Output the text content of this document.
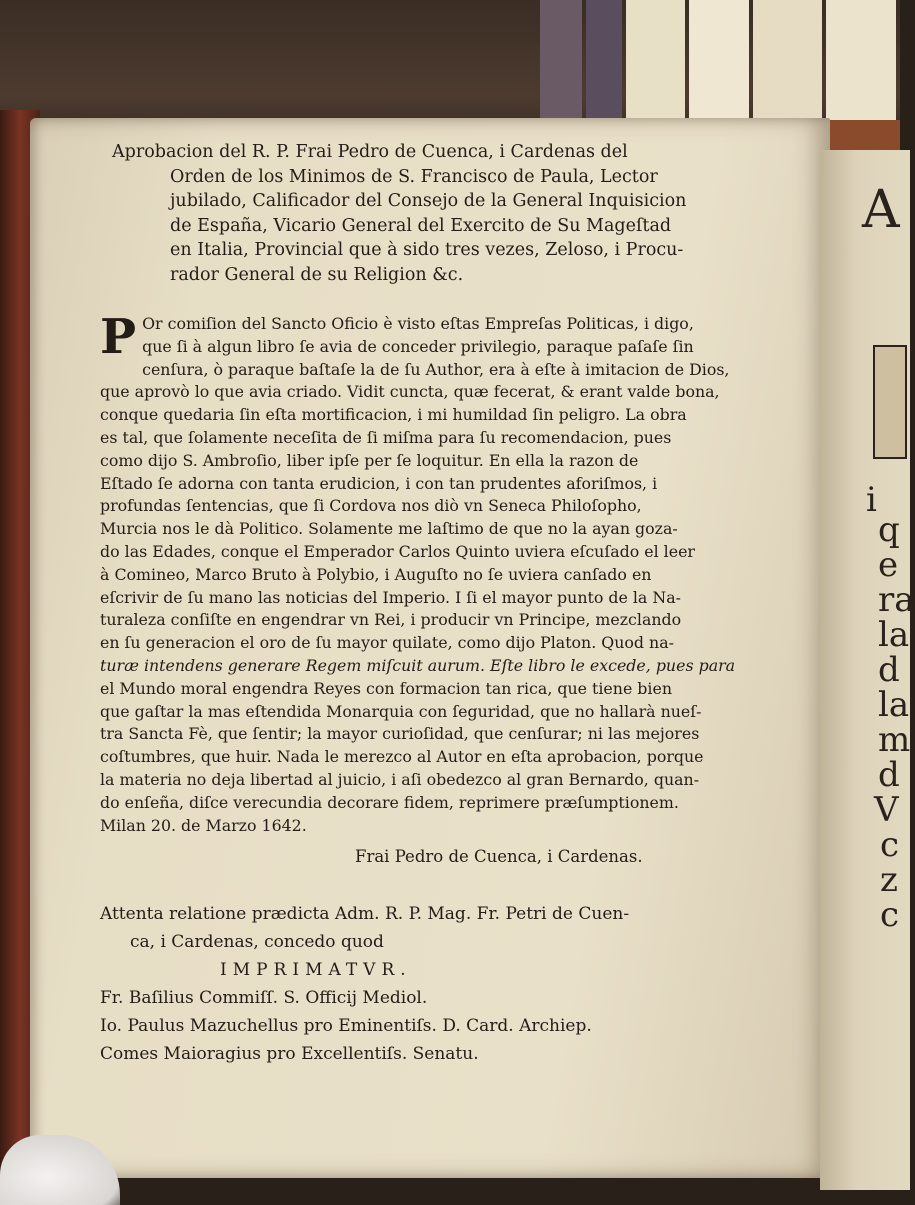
A
i
q
e
ra
la
d
la
m
d
V
c
z
c
Aprobacion del R. P. Frai Pedro de Cuenca, i Cardenas del
Orden de los Minimos de S. Francisco de Paula, Lector
jubilado, Calificador del Consejo de la General Inquisicion
de España, Vicario General del Exercito de Su Mageſtad
en Italia, Provincial que à sido tres vezes, Zeloso, i Procu-
rador General de su Religion &c.
P Or comiſion del Sancto Oficio è visto eſtas Empreſas Politicas, i digo,
que ſi à algun libro ſe avia de conceder privilegio, paraque paſaſe ſin
cenſura, ò paraque baſtaſe la de ſu Author, era à eſte à imitacion de Dios,
que aprovò lo que avia criado. Vidit cuncta, quæ fecerat, & erant valde bona,
conque quedaria ſin eſta mortificacion, i mi humildad ſin peligro. La obra
es tal, que ſolamente neceſita de ſi miſma para ſu recomendacion, pues
como dijo S. Ambroſio, liber ipſe per ſe loquitur. En ella la razon de
Eſtado ſe adorna con tanta erudicion, i con tan prudentes aforiſmos, i
profundas ſentencias, que ſi Cordova nos diò vn Seneca Philoſopho,
Murcia nos le dà Politico. Solamente me laſtimo de que no la ayan goza-
do las Edades, conque el Emperador Carlos Quinto uviera eſcuſado el leer
à Comineo, Marco Bruto à Polybio, i Auguſto no ſe uviera canſado en
eſcrivir de ſu mano las noticias del Imperio. I ſi el mayor punto de la Na-
turaleza conſiſte en engendrar vn Rei, i producir vn Principe, mezclando
en ſu generacion el oro de ſu mayor quilate, como dijo Platon. Quod na-
turæ intendens generare Regem miſcuit aurum. Eſte libro le excede, pues para
el Mundo moral engendra Reyes con formacion tan rica, que tiene bien
que gaſtar la mas eſtendida Monarquia con ſeguridad, que no hallarà nueſ-
tra Sancta Fè, que ſentir; la mayor curioſidad, que cenſurar; ni las mejores
coſtumbres, que huir. Nada le merezco al Autor en eſta aprobacion, porque
la materia no deja libertad al juicio, i aſi obedezco al gran Bernardo, quan-
do enſeña, diſce verecundia decorare fidem, reprimere præſumptionem.
Milan 20. de Marzo 1642.
Frai Pedro de Cuenca, i Cardenas.
Attenta relatione prædicta Adm. R. P. Mag. Fr. Petri de Cuen-
ca, i Cardenas, concedo quod
IMPRIMATVR.
Fr. Baſilius Commiſſ. S. Officij Mediol.
Io. Paulus Mazuchellus pro Eminentiſs. D. Card. Archiep.
Comes Maioragius pro Excellentiſs. Senatu.
